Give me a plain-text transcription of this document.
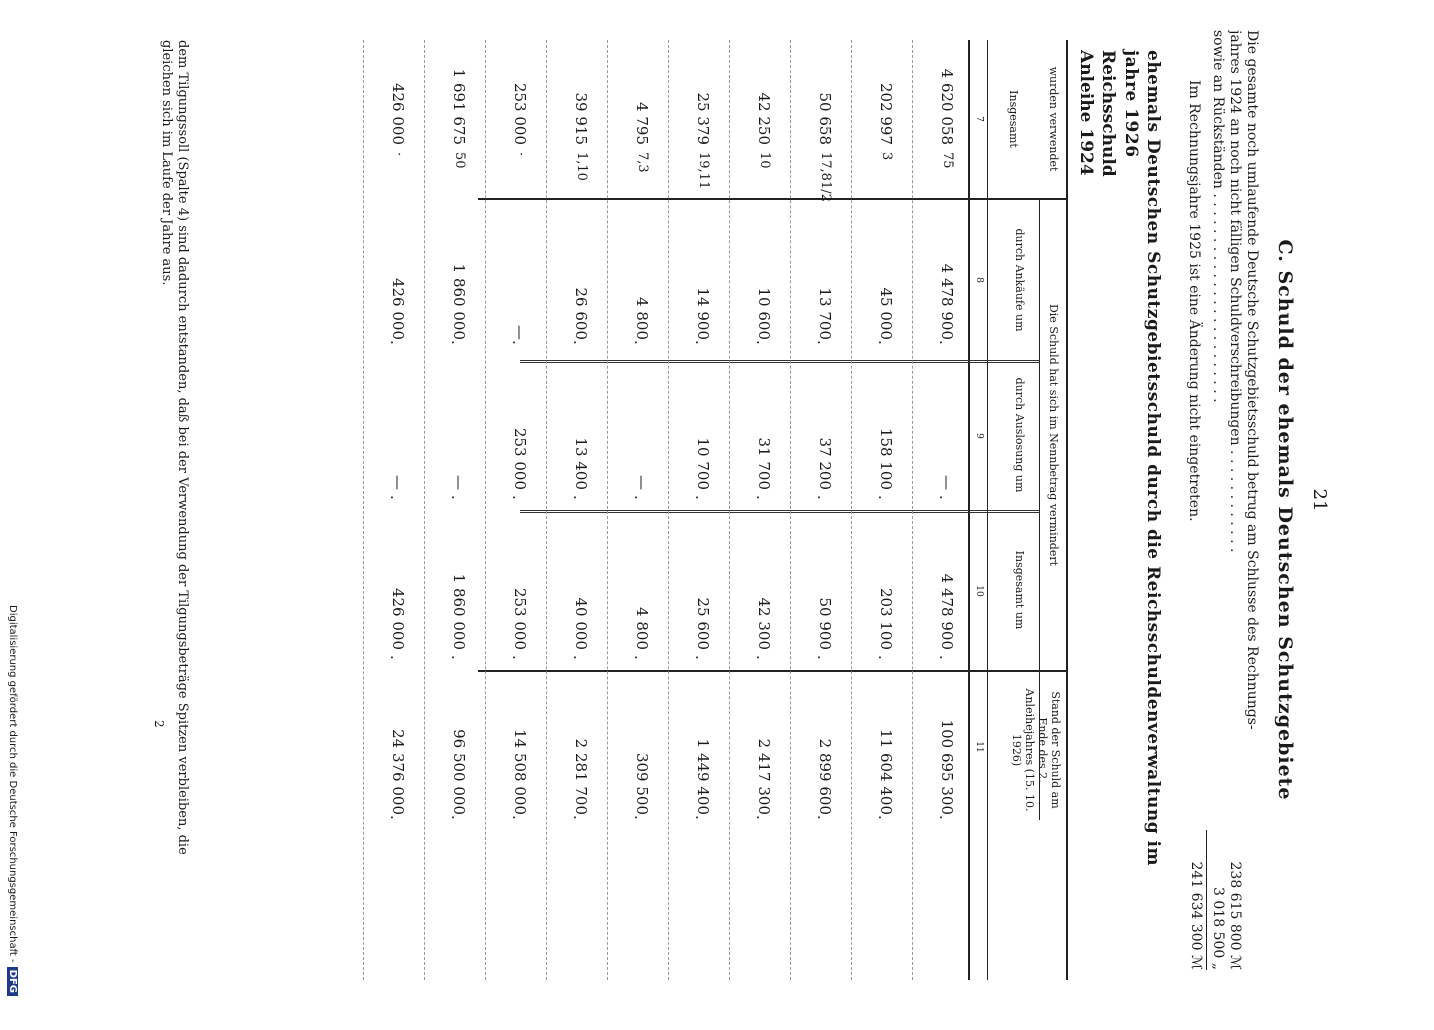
21
C. Schuld der ehemals Deutschen Schutzgebiete
Die gesamte noch umlaufende Deutsche Schutzgebietsschuld betrug am Schlusse des Rechnungs-
jahres 1924 an noch nicht fälligen Schuldverschreibungen . . . . . . . . . . . .
238 615 800 ℳ
sowie an Rückständen . . . . . . . . . . . . . . . . . . . . . . . .
3 018 500 „
241 634 300 ℳ
Im Rechnungsjahre 1925 ist eine Änderung nicht eingetreten.
ehemals Deutschen Schutzgebietsschuld durch die Reichsschuldenverwaltung im
jahre 1926
Reichsschuld
Anleihe 1924
wurden verwendet
Insgesamt
Die Schuld hat sich im Nennbetrag vermindert
durch Ankäufe um
durch Auslosung um
Insgesamt um
Stand der Schuld am Ende des 2. Anleihejahres (15. 10. 1926)
7
8
9
10
11
4 620 058
4 478 900
—
4 478 900
100 695 300
75
.
.
.
.
202 997
45 000
158 100
203 100
11 604 400
3
.
.
.
.
50 658
13 700
37 200
50 900
2 899 600
17,81/2
.
.
.
.
42 250
10 600
31 700
42 300
2 417 300
10
.
.
.
.
25 379
14 900
10 700
25 600
1 449 400
19,11
.
.
.
.
4 795
4 800
—
4 800
309 500
7,3
.
.
.
.
39 915
26 600
13 400
40 000
2 281 700
1,10
.
.
.
.
253 000
—
253 000
253 000
14 508 000
·
.
.
.
.
1 691 675
1 860 000
—
1 860 000
96 500 000
50
.
.
.
.
426 000
426 000
—
426 000
24 376 000
·
.
.
.
.
dem Tilgungssoll (Spalte 4) sind dadurch entstanden, daß bei der Verwendung der Tilgungsbeträge Spitzen verbleiben, die
gleichen sich im Laufe der Jahre aus.
2
Digitalisierung gefördert durch die Deutsche Forschungsgemeinschaft -DFG
